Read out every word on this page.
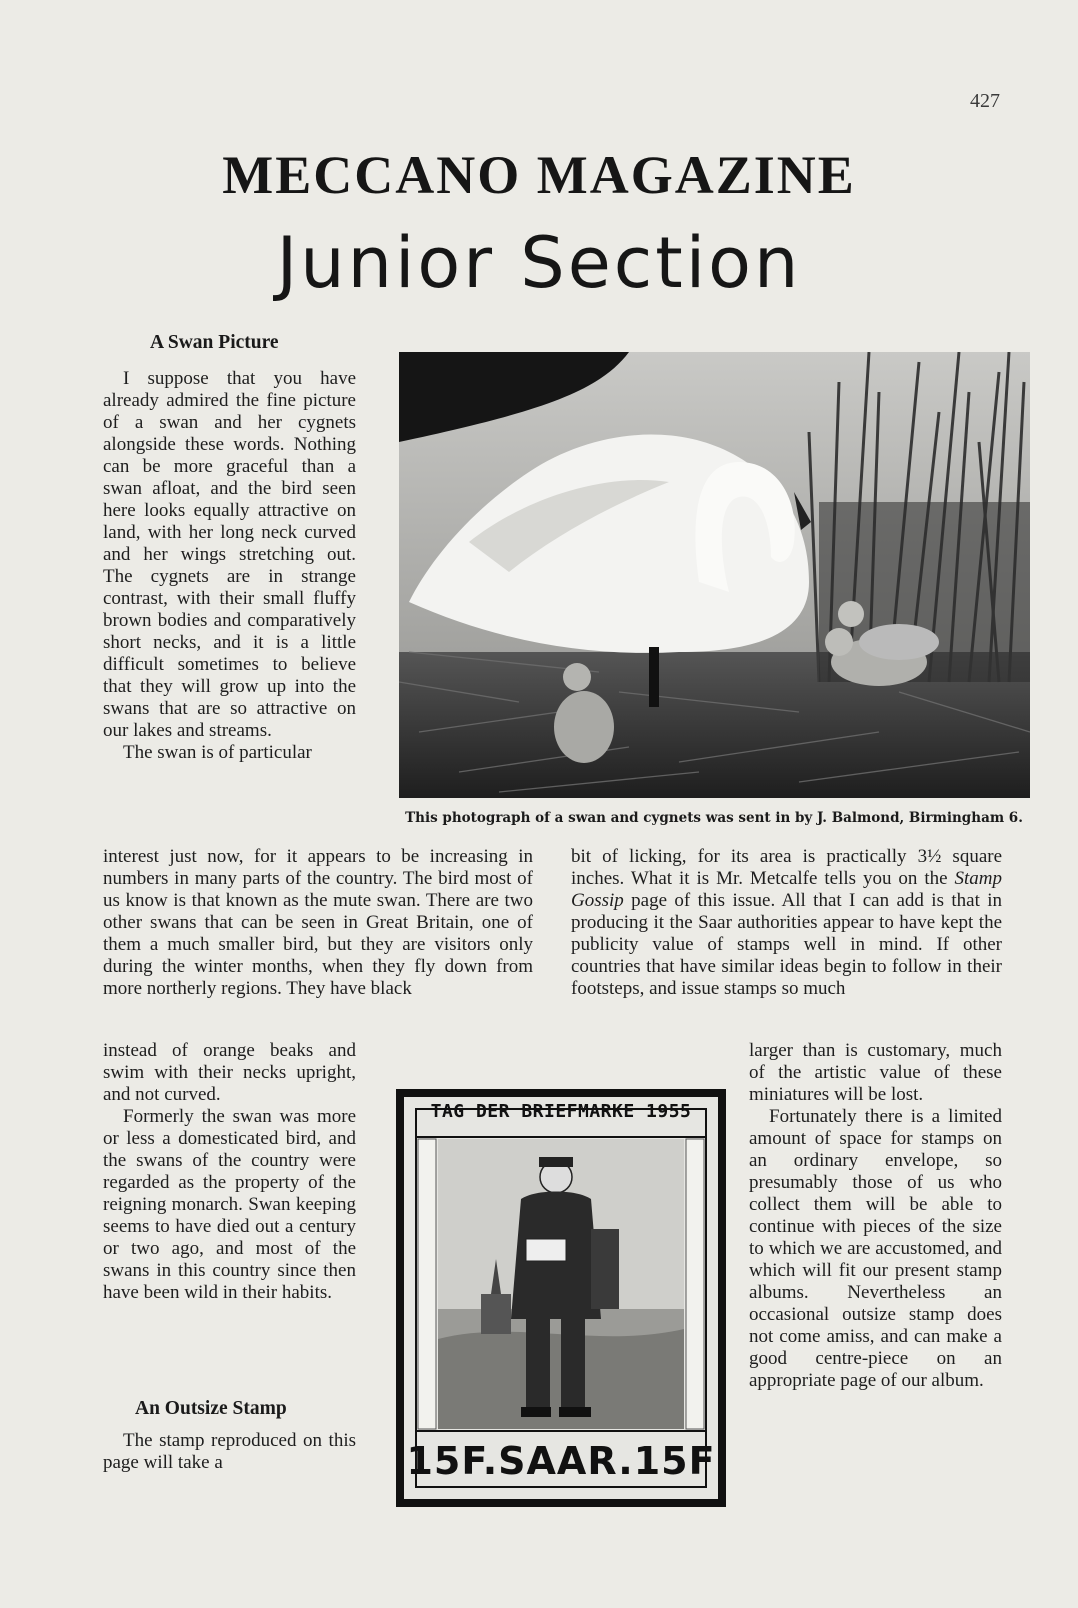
427
MECCANO MAGAZINE
Junior Section
A Swan Picture

I suppose that you have already admired the fine picture of a swan and her cygnets alongside these words. Nothing can be more graceful than a swan afloat, and the bird seen here looks equally attractive on land, with her long neck curved and her wings stretching out. The cygnets are in strange contrast, with their small fluffy brown bodies and comparatively short necks, and it is a little difficult sometimes to believe that they will grow up into the swans that are so attractive on our lakes and streams.

The swan is of particular

interest just now, for it appears to be increasing in numbers in many parts of the country. The bird most of us know is that known as the mute swan. There are two other swans that can be seen in Great Britain, one of them a much smaller bird, but they are visitors only during the winter months, when they fly down from more northerly regions. They have black

instead of orange beaks and swim with their necks upright, and not curved.

Formerly the swan was more or less a domesticated bird, and the swans of the country were regarded as the property of the reigning monarch. Swan keeping seems to have died out a century or two ago, and most of the swans in this country since then have been wild in their habits.

An Outsize Stamp

The stamp reproduced on this page will take a

bit of licking, for its area is practically 3½ square inches. What it is Mr. Metcalfe tells you on the Stamp Gossip page of this issue. All that I can add is that in producing it the Saar authorities appear to have kept the publicity value of stamps well in mind. If other countries that have similar ideas begin to follow in their footsteps, and issue stamps so much

larger than is customary, much of the artistic value of these miniatures will be lost.

Fortunately there is a limited amount of space for stamps on an ordinary envelope, so presumably those of us who collect them will be able to continue with pieces of the size to which we are accustomed, and which will fit our present stamp albums. Nevertheless an occasional outsize stamp does not come amiss, and can make a good centre-piece on an appropriate page of our album.

This photograph of a swan and cygnets was sent in by J. Balmond, Birmingham 6.
TAG DER BRIEFMARKE 1955
15F.SAAR.15F
